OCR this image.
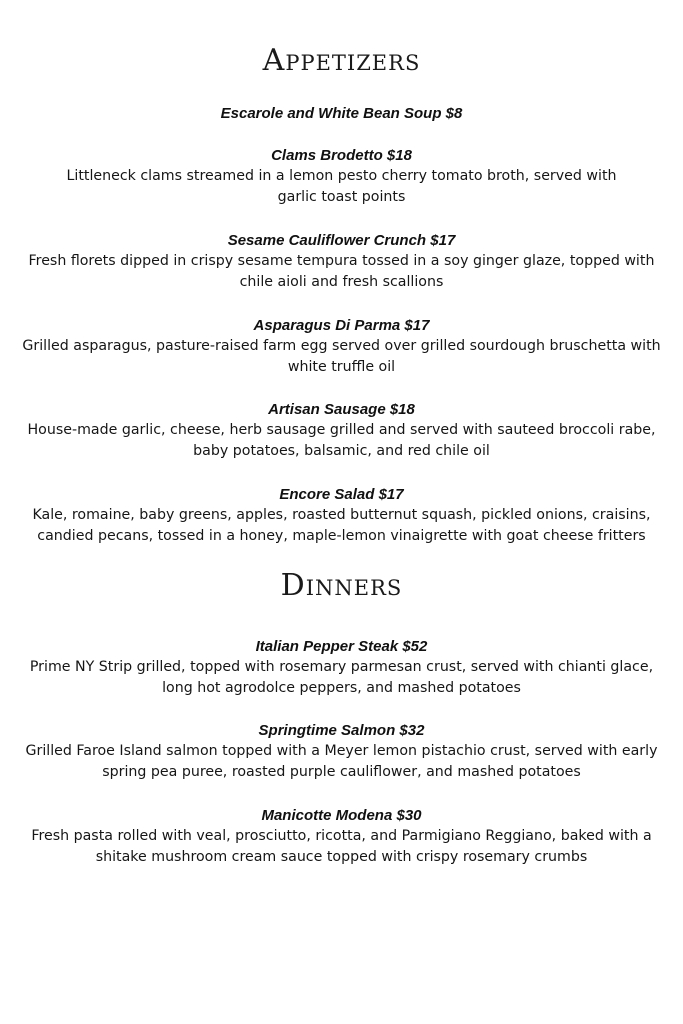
Appetizers

Escarole and White Bean Soup $8

Clams Brodetto $18

Littleneck clams streamed in a lemon pesto cherry tomato broth, served with

garlic toast points

Sesame Cauliflower Crunch $17

Fresh florets dipped in crispy sesame tempura tossed in a soy ginger glaze, topped with

chile aioli and fresh scallions

Asparagus Di Parma $17

Grilled asparagus, pasture-raised farm egg served over grilled sourdough bruschetta with

white truffle oil

Artisan Sausage $18

House-made garlic, cheese, herb sausage grilled and served with sauteed broccoli rabe,

baby potatoes, balsamic, and red chile oil

Encore Salad $17

Kale, romaine, baby greens, apples, roasted butternut squash, pickled onions, craisins,

candied pecans, tossed in a honey, maple-lemon vinaigrette with goat cheese fritters

Dinners

Italian Pepper Steak $52

Prime NY Strip grilled, topped with rosemary parmesan crust, served with chianti glace,

long hot agrodolce peppers, and mashed potatoes

Springtime Salmon $32

Grilled Faroe Island salmon topped with a Meyer lemon pistachio crust, served with early

spring pea puree, roasted purple cauliflower, and mashed potatoes

Manicotte Modena $30

Fresh pasta rolled with veal, prosciutto, ricotta, and Parmigiano Reggiano, baked with a

shitake mushroom cream sauce topped with crispy rosemary crumbs
